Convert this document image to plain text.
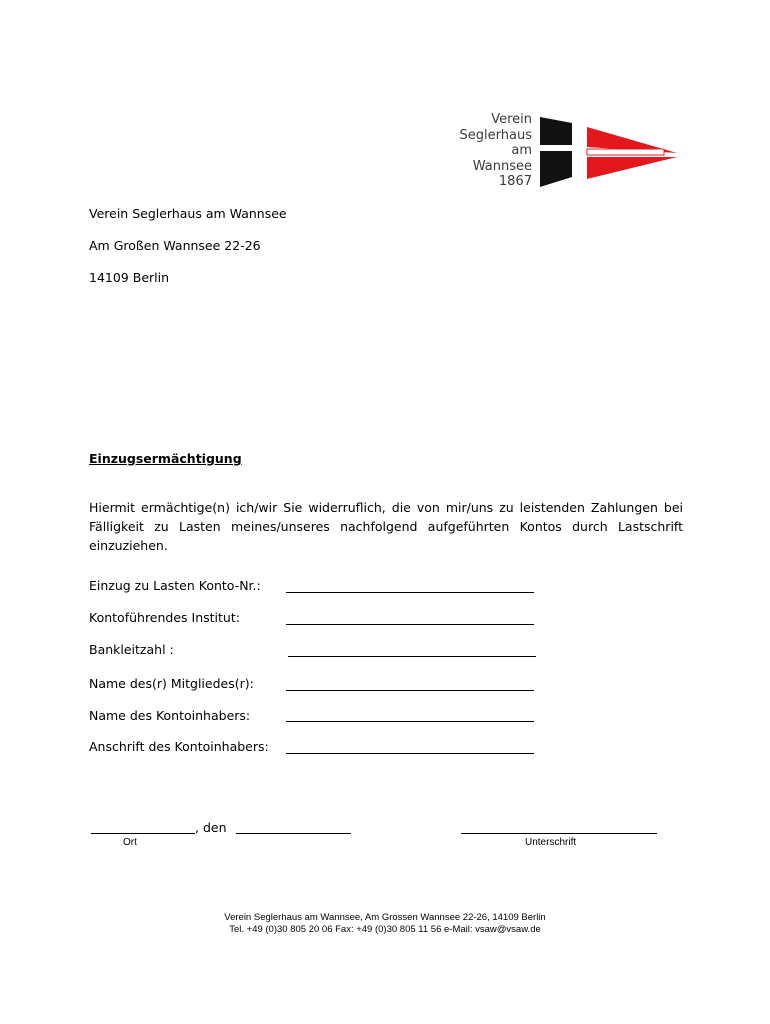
Verein
Seglerhaus
am
Wannsee
1867
Verein Seglerhaus am Wannsee
Am Großen Wannsee 22-26
14109 Berlin
Einzugsermächtigung
Hiermit ermächtige(n) ich/wir Sie widerruflich, die von mir/uns zu leistenden Zahlungen bei Fälligkeit zu Lasten meines/unseres nachfolgend aufgeführten Kontos durch Lastschrift einzuziehen.
Einzug zu Lasten Konto-Nr.:
Kontoführendes Institut:
Bankleitzahl :
Name des(r) Mitgliedes(r):
Name des Kontoinhabers:
Anschrift des Kontoinhabers:
, den
Ort	Unterschrift
Verein Seglerhaus am Wannsee, Am Grossen Wannsee 22-26, 14109 Berlin
Tel. +49 (0)30 805 20 06 Fax: +49 (0)30 805 11 56 e-Mail: vsaw@vsaw.de
